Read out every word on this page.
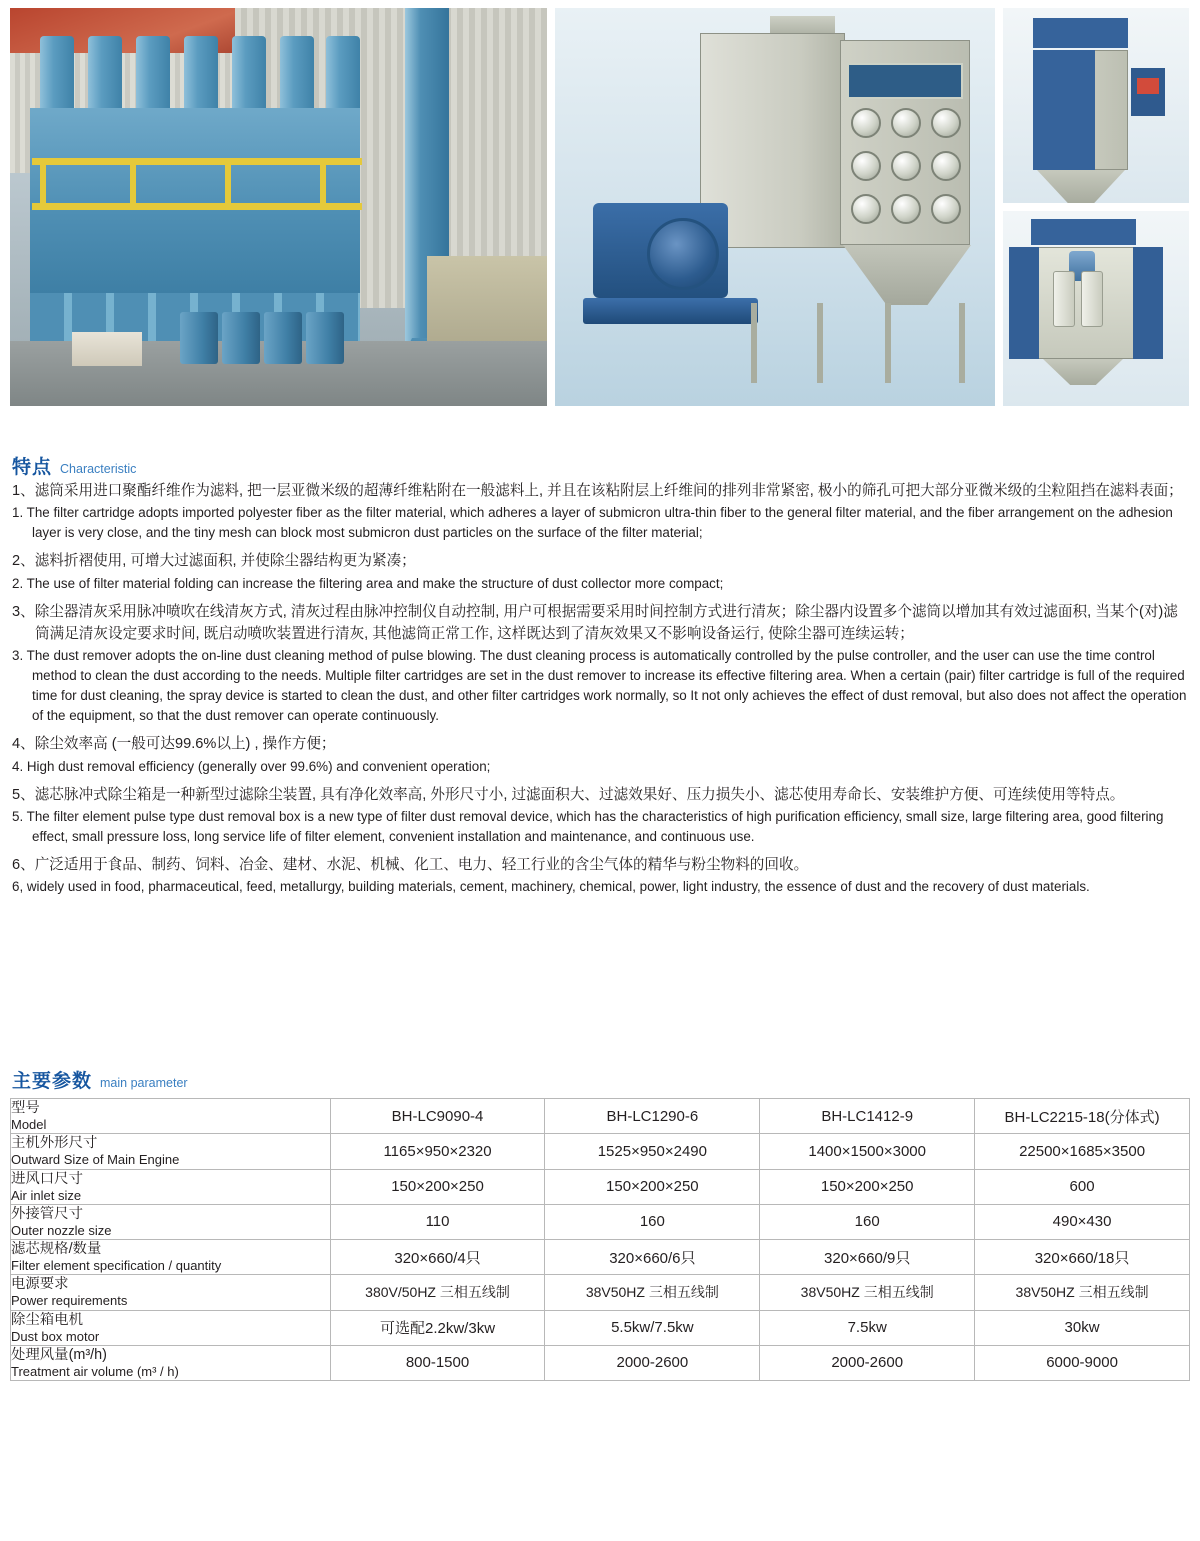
特点 Characteristic

1、滤筒采用进口聚酯纤维作为滤料, 把一层亚微米级的超薄纤维粘附在一般滤料上, 并且在该粘附层上纤维间的排列非常紧密, 极小的筛孔可把大部分亚微米级的尘粒阻挡在滤料表面；

1. The filter cartridge adopts imported polyester fiber as the filter material, which adheres a layer of submicron ultra-thin fiber to the general filter material, and the fiber arrangement on the adhesion layer is very close, and the tiny mesh can block most submicron dust particles on the surface of the filter material;

2、滤料折褶使用, 可增大过滤面积, 并使除尘器结构更为紧凑；

2. The use of filter material folding can increase the filtering area and make the structure of dust collector more compact;

3、除尘器清灰采用脉冲喷吹在线清灰方式, 清灰过程由脉冲控制仪自动控制, 用户可根据需要采用时间控制方式进行清灰；除尘器内设置多个滤筒以增加其有效过滤面积, 当某个(对)滤筒满足清灰设定要求时间, 既启动喷吹装置进行清灰, 其他滤筒正常工作, 这样既达到了清灰效果又不影响设备运行, 使除尘器可连续运转；

3. The dust remover adopts the on-line dust cleaning method of pulse blowing. The dust cleaning process is automatically controlled by the pulse controller, and the user can use the time control method to clean the dust according to the needs. Multiple filter cartridges are set in the dust remover to increase its effective filtering area. When a certain (pair) filter cartridge is full of the required time for dust cleaning, the spray device is started to clean the dust, and other filter cartridges work normally, so It not only achieves the effect of dust removal, but also does not affect the operation of the equipment, so that the dust remover can operate continuously.

4、除尘效率高 (一般可达99.6%以上) , 操作方便；

4. High dust removal efficiency (generally over 99.6%) and convenient operation;

5、滤芯脉冲式除尘箱是一种新型过滤除尘装置, 具有净化效率高, 外形尺寸小, 过滤面积大、过滤效果好、压力损失小、滤芯使用寿命长、安装维护方便、可连续使用等特点。

5. The filter element pulse type dust removal box is a new type of filter dust removal device, which has the characteristics of high purification efficiency, small size, large filtering area, good filtering effect, small pressure loss, long service life of filter element, convenient installation and maintenance, and continuous use.

6、广泛适用于食品、制药、饲料、冶金、建材、水泥、机械、化工、电力、轻工行业的含尘气体的精华与粉尘物料的回收。

6, widely used in food, pharmaceutical, feed, metallurgy, building materials, cement, machinery, chemical, power, light industry, the essence of dust and the recovery of dust materials.

主要参数 main parameter
型号
Model	BH-LC9090-4	BH-LC1290-6	BH-LC1412-9	BH-LC2215-18(分体式)

主机外形尺寸
Outward Size of Main Engine	1165×950×2320	1525×950×2490	1400×1500×3000	22500×1685×3500

进风口尺寸
Air inlet size	150×200×250	150×200×250	150×200×250	600

外接管尺寸
Outer nozzle size	110	160	160	490×430

滤芯规格/数量
Filter element specification / quantity	320×660/4只	320×660/6只	320×660/9只	320×660/18只

电源要求
Power requirements	380V/50HZ 三相五线制	38V50HZ 三相五线制	38V50HZ 三相五线制	38V50HZ 三相五线制

除尘箱电机
Dust box motor	可选配2.2kw/3kw	5.5kw/7.5kw	7.5kw	30kw

处理风量(m³/h)
Treatment air volume (m³ / h)	800-1500	2000-2600	2000-2600	6000-9000
